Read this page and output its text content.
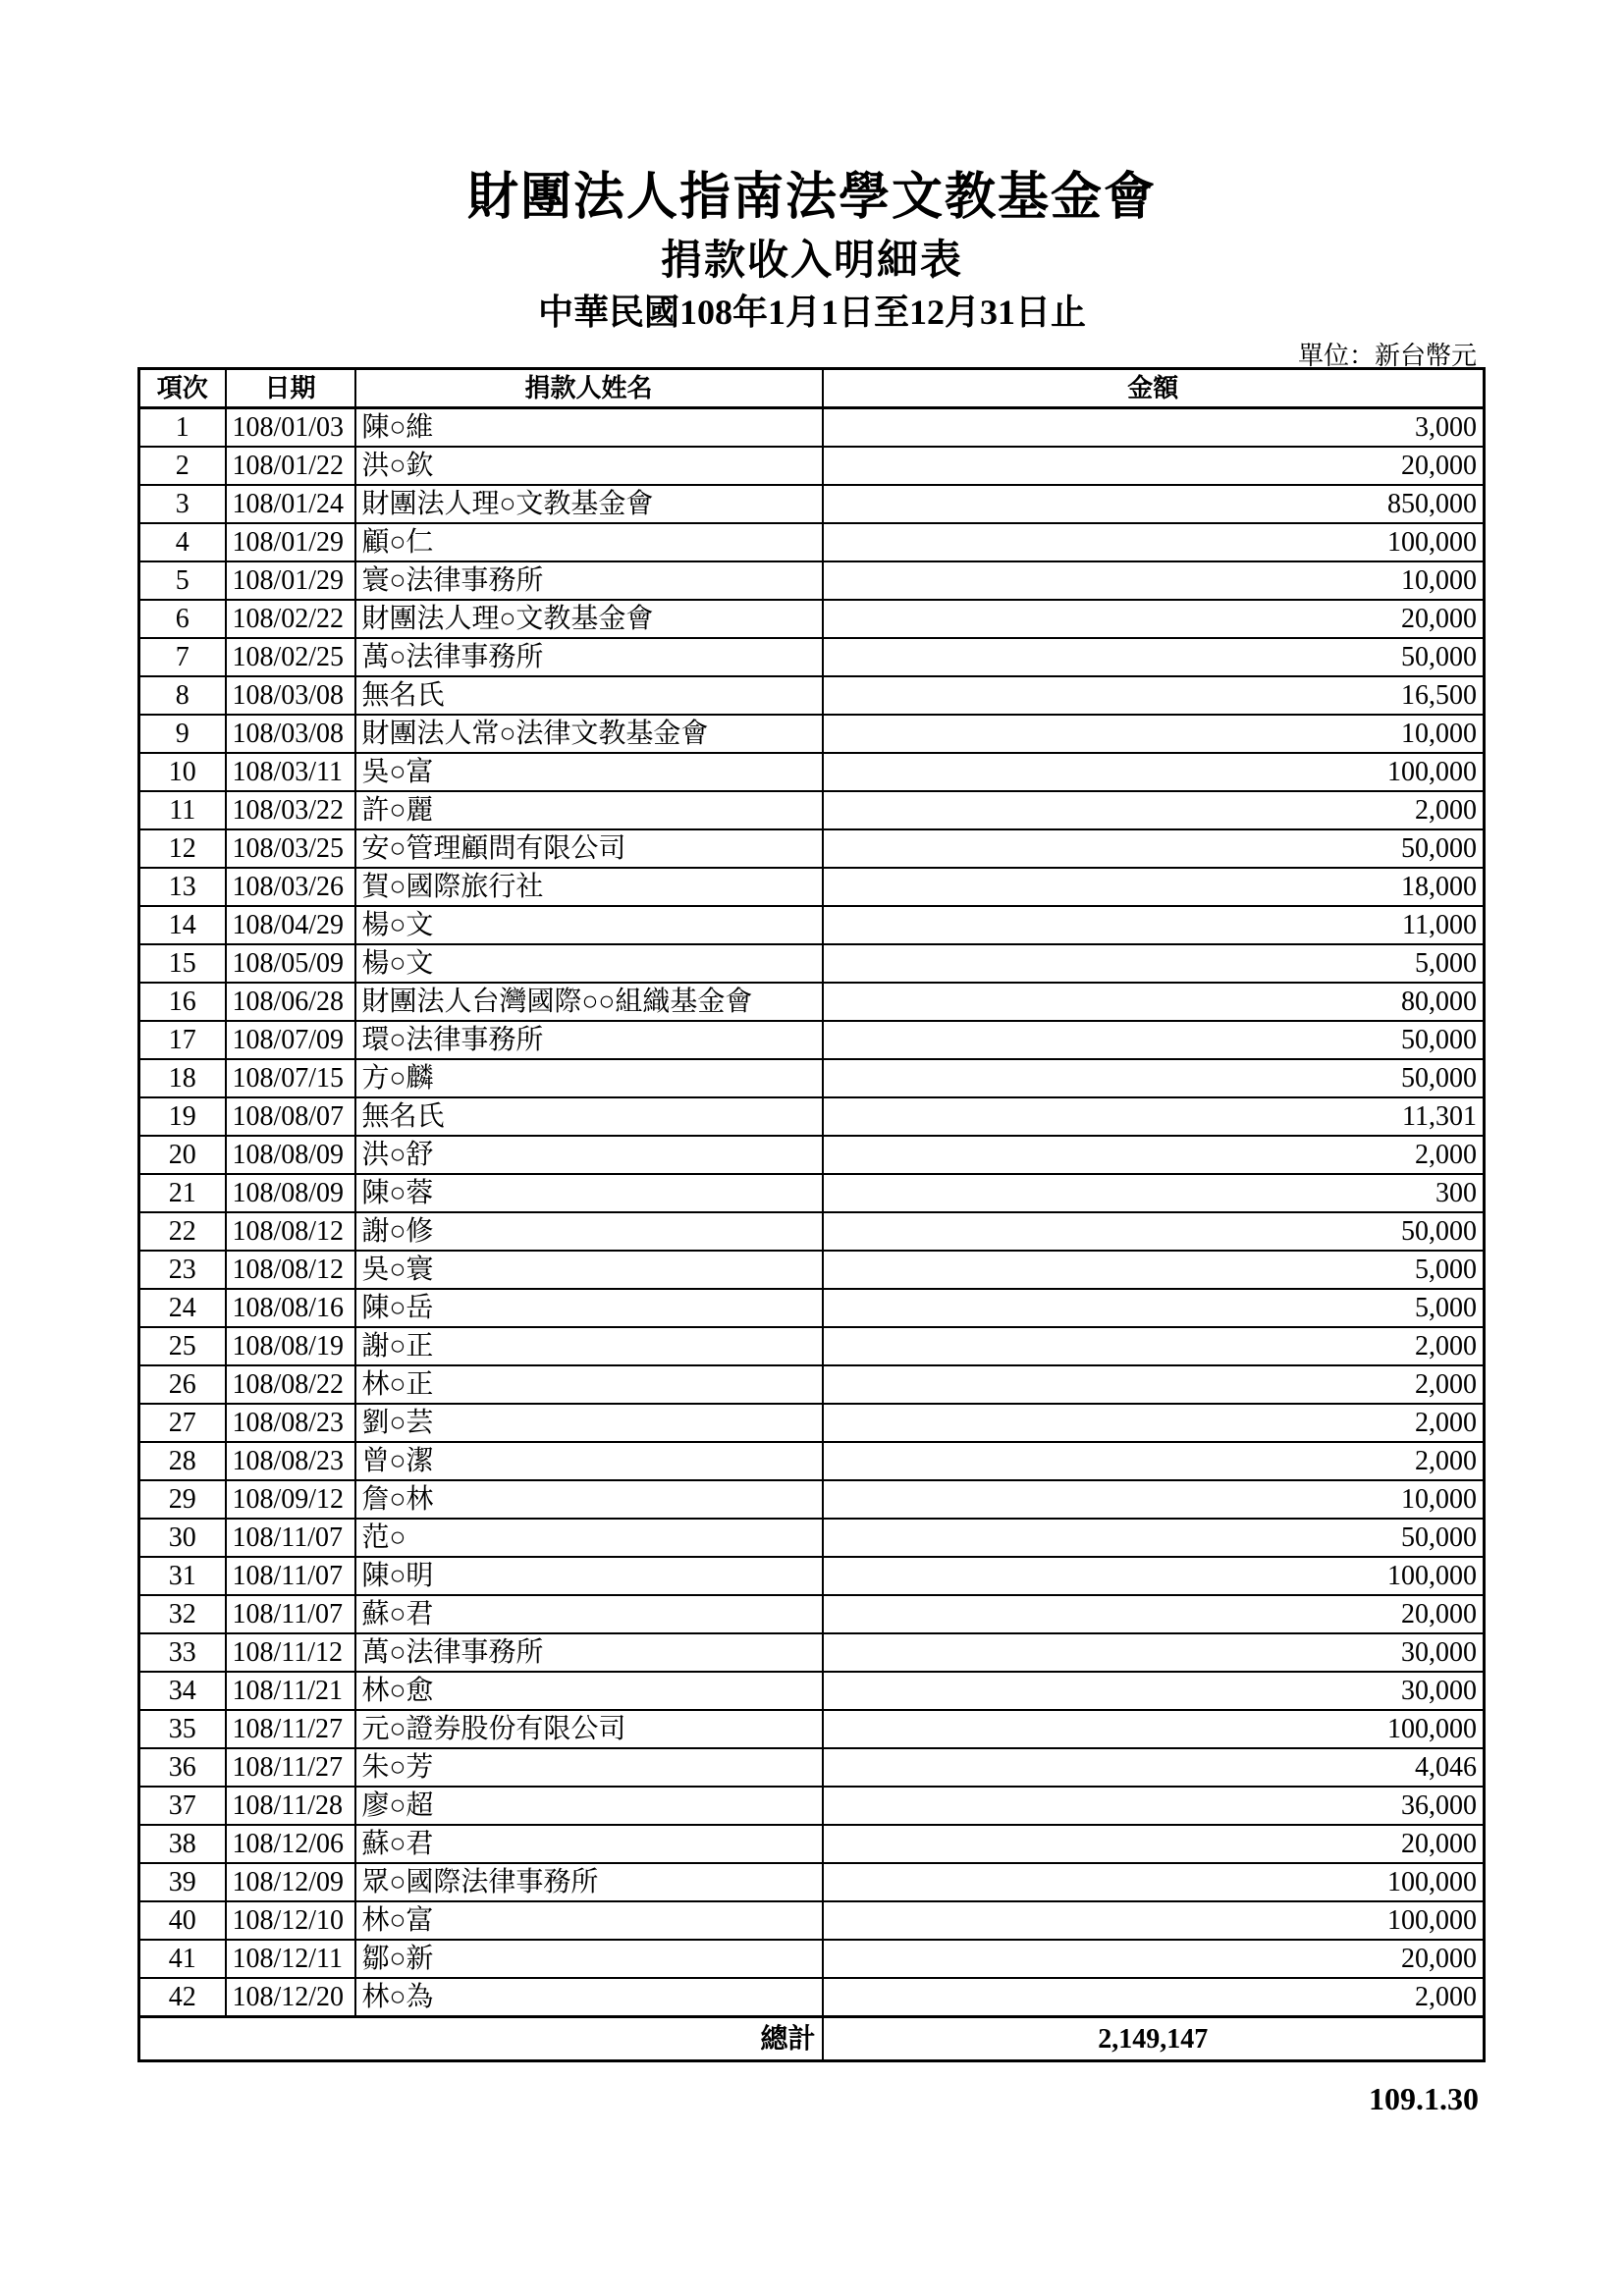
財團法人指南法學文教基金會
捐款收入明細表
中華民國108年1月1日至12月31日止
單位：新台幣元
項次	日期	捐款人姓名	金額
1	108/01/03	陳○維	3,000
2	108/01/22	洪○欽	20,000
3	108/01/24	財團法人理○文教基金會	850,000
4	108/01/29	顧○仁	100,000
5	108/01/29	寰○法律事務所	10,000
6	108/02/22	財團法人理○文教基金會	20,000
7	108/02/25	萬○法律事務所	50,000
8	108/03/08	無名氏	16,500
9	108/03/08	財團法人常○法律文教基金會	10,000
10	108/03/11	吳○富	100,000
11	108/03/22	許○麗	2,000
12	108/03/25	安○管理顧問有限公司	50,000
13	108/03/26	賀○國際旅行社	18,000
14	108/04/29	楊○文	11,000
15	108/05/09	楊○文	5,000
16	108/06/28	財團法人台灣國際○○組織基金會	80,000
17	108/07/09	環○法律事務所	50,000
18	108/07/15	方○麟	50,000
19	108/08/07	無名氏	11,301
20	108/08/09	洪○舒	2,000
21	108/08/09	陳○蓉	300
22	108/08/12	謝○修	50,000
23	108/08/12	吳○寰	5,000
24	108/08/16	陳○岳	5,000
25	108/08/19	謝○正	2,000
26	108/08/22	林○正	2,000
27	108/08/23	劉○芸	2,000
28	108/08/23	曾○潔	2,000
29	108/09/12	詹○林	10,000
30	108/11/07	范○	50,000
31	108/11/07	陳○明	100,000
32	108/11/07	蘇○君	20,000
33	108/11/12	萬○法律事務所	30,000
34	108/11/21	林○愈	30,000
35	108/11/27	元○證券股份有限公司	100,000
36	108/11/27	朱○芳	4,046
37	108/11/28	廖○超	36,000
38	108/12/06	蘇○君	20,000
39	108/12/09	眾○國際法律事務所	100,000
40	108/12/10	林○富	100,000
41	108/12/11	鄒○新	20,000
42	108/12/20	林○為	2,000
總計			2,149,147
109.1.30
